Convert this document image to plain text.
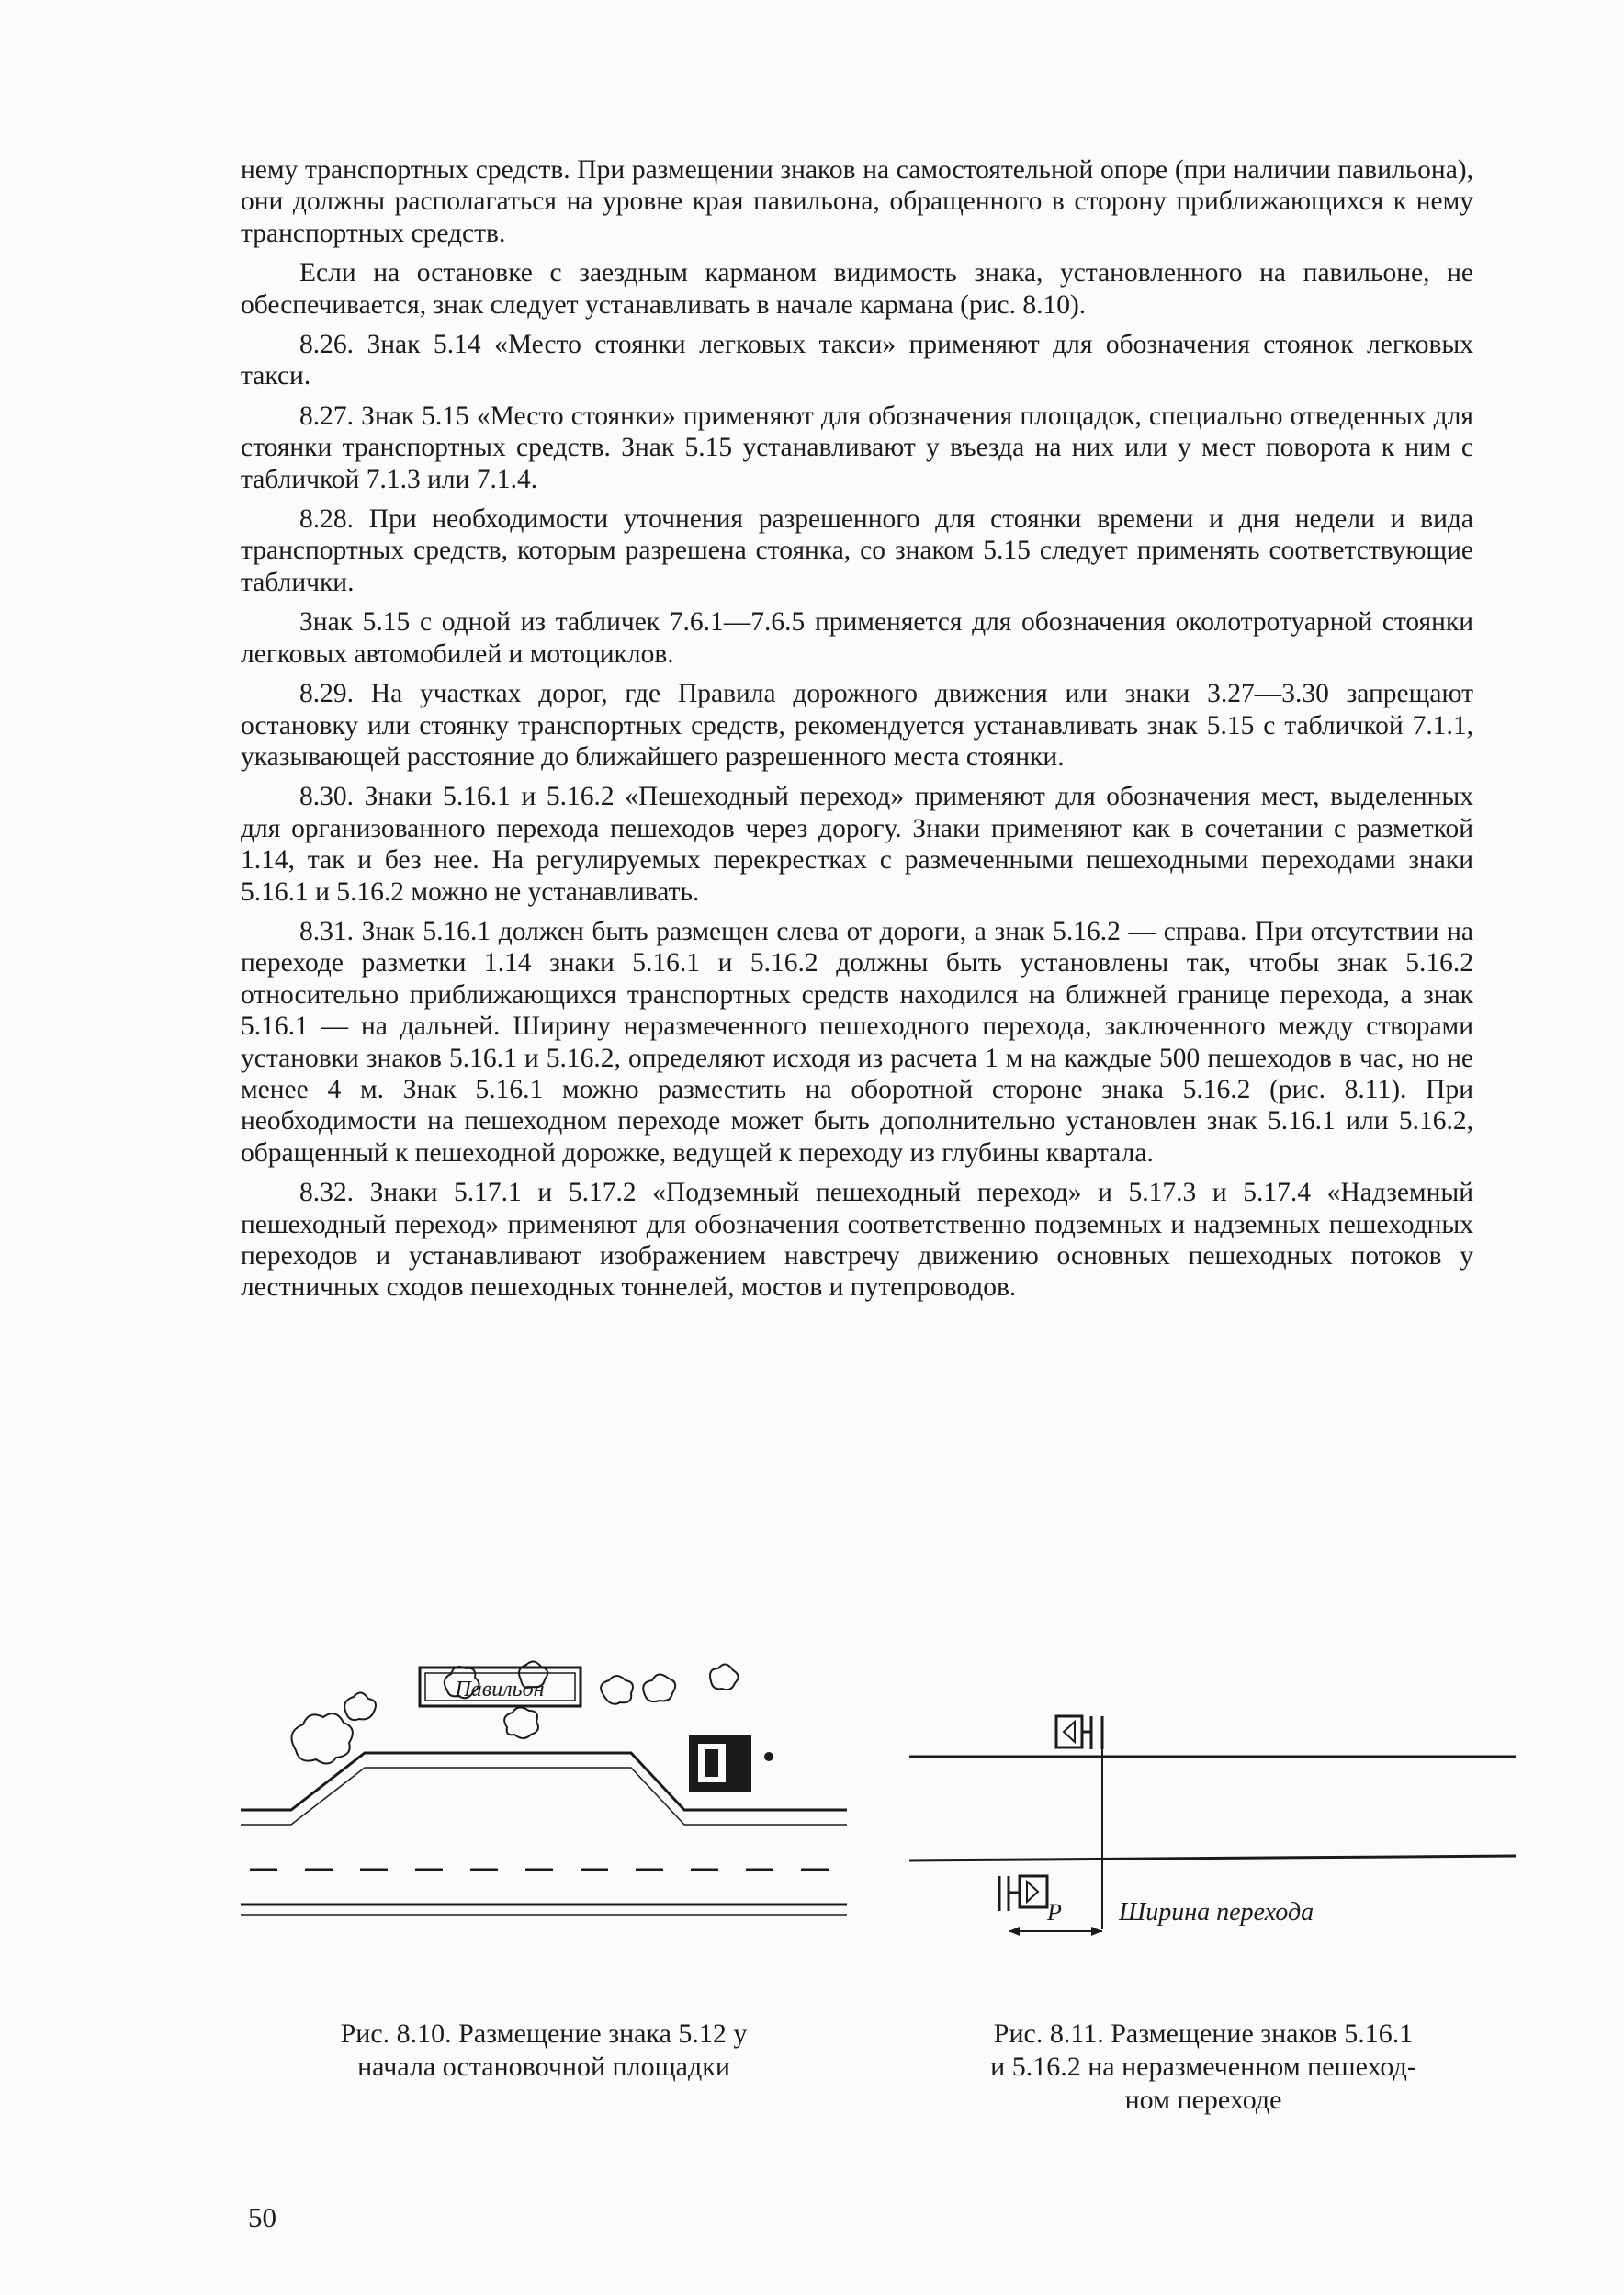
нему транспортных средств. При размещении знаков на самостоятельной опоре (при наличии павильона), они должны располагаться на уровне края павильона, обращенного в сторону приближающихся к нему транспортных средств.

Если на остановке с заездным карманом видимость знака, установленного на павильоне, не обеспечивается, знак следует устанавливать в начале кармана (рис. 8.10).

8.26. Знак 5.14 «Место стоянки легковых такси» применяют для обозначения стоянок легковых такси.

8.27. Знак 5.15 «Место стоянки» применяют для обозначения площадок, специально отведенных для стоянки транспортных средств. Знак 5.15 устанавливают у въезда на них или у мест поворота к ним с табличкой 7.1.3 или 7.1.4.

8.28. При необходимости уточнения разрешенного для стоянки времени и дня недели и вида транспортных средств, которым разрешена стоянка, со знаком 5.15 следует применять соответствующие таблички.

Знак 5.15 с одной из табличек 7.6.1—7.6.5 применяется для обозначения околотротуарной стоянки легковых автомобилей и мотоциклов.

8.29. На участках дорог, где Правила дорожного движения или знаки 3.27—3.30 запрещают остановку или стоянку транспортных средств, рекомендуется устанавливать знак 5.15 с табличкой 7.1.1, указывающей расстояние до ближайшего разрешенного места стоянки.

8.30. Знаки 5.16.1 и 5.16.2 «Пешеходный переход» применяют для обозначения мест, выделенных для организованного перехода пешеходов через дорогу. Знаки применяют как в сочетании с разметкой 1.14, так и без нее. На регулируемых перекрестках с размеченными пешеходными переходами знаки 5.16.1 и 5.16.2 можно не устанавливать.

8.31. Знак 5.16.1 должен быть размещен слева от дороги, а знак 5.16.2 — справа. При отсутствии на переходе разметки 1.14 знаки 5.16.1 и 5.16.2 должны быть установлены так, чтобы знак 5.16.2 относительно приближающихся транспортных средств находился на ближней границе перехода, а знак 5.16.1 — на дальней. Ширину неразмеченного пешеходного перехода, заключенного между створами установки знаков 5.16.1 и 5.16.2, определяют исходя из расчета 1 м на каждые 500 пешеходов в час, но не менее 4 м. Знак 5.16.1 можно разместить на оборотной стороне знака 5.16.2 (рис. 8.11). При необходимости на пешеходном переходе может быть дополнительно установлен знак 5.16.1 или 5.16.2, обращенный к пешеходной дорожке, ведущей к переходу из глубины квартала.

8.32. Знаки 5.17.1 и 5.17.2 «Подземный пешеходный переход» и 5.17.3 и 5.17.4 «Надземный пешеходный переход» применяют для обозначения соответственно подземных и надземных пешеходных переходов и устанавливают изображением навстречу движению основных пешеходных потоков у лестничных сходов пешеходных тоннелей, мостов и путепроводов.

Павильон
P Ширина перехода
Рис. 8.10. Размещение знака 5.12 у
начала остановочной площадки
Рис. 8.11. Размещение знаков 5.16.1
и 5.16.2 на неразмеченном пешеход-
ном переходе
50
